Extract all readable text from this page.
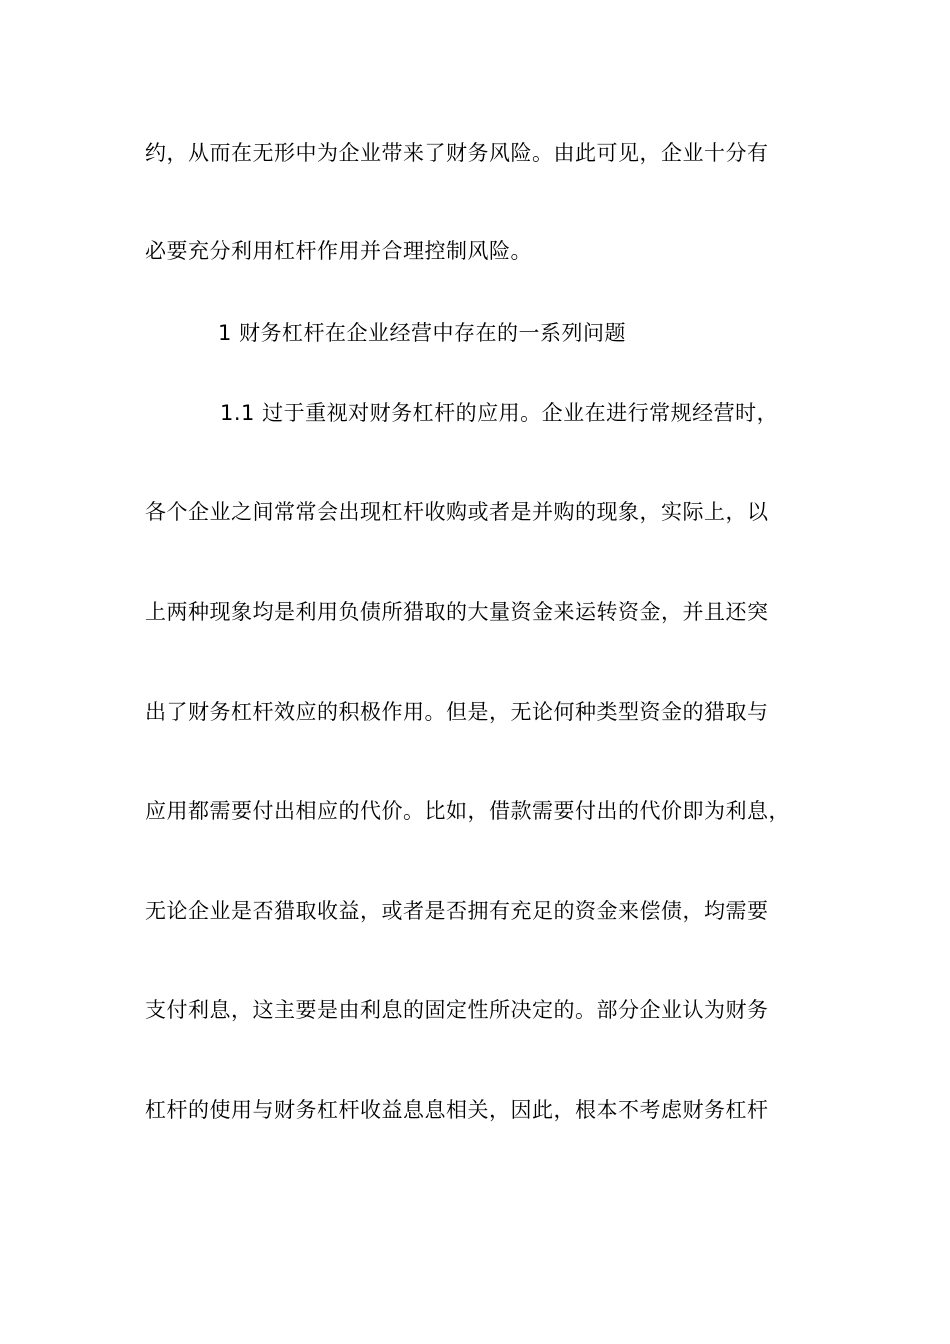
约，从而在无形中为企业带来了财务风险。由此可见，企业十分有
必要充分利用杠杆作用并合理控制风险。
1 财务杠杆在企业经营中存在的一系列问题
1.1 过于重视对财务杠杆的应用。企业在进行常规经营时，
各个企业之间常常会出现杠杆收购或者是并购的现象，实际上，以
上两种现象均是利用负债所猎取的大量资金来运转资金，并且还突
出了财务杠杆效应的积极作用。但是，无论何种类型资金的猎取与
应用都需要付出相应的代价。比如，借款需要付出的代价即为利息，
无论企业是否猎取收益，或者是否拥有充足的资金来偿债，均需要
支付利息，这主要是由利息的固定性所决定的。部分企业认为财务
杠杆的使用与财务杠杆收益息息相关，因此，根本不考虑财务杠杆
